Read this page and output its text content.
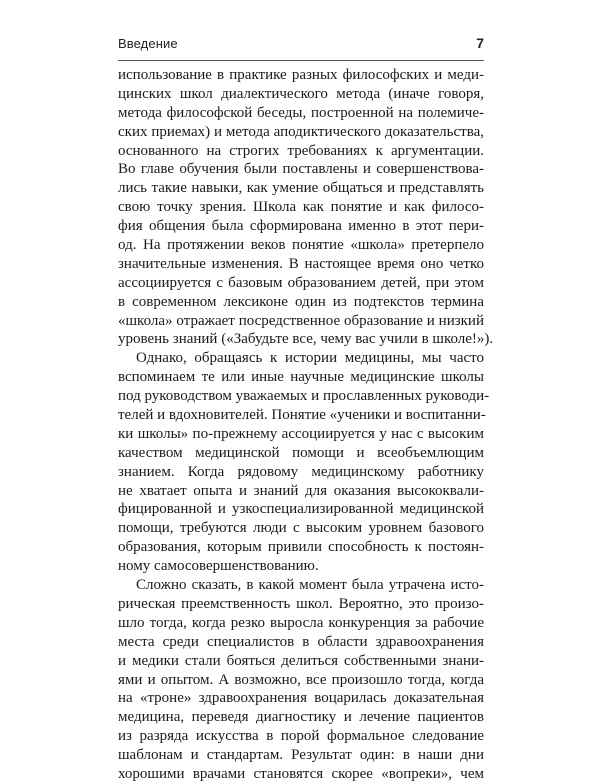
Введение	7
использование в практике разных философских и меди-
цинских школ диалектического метода (иначе говоря,
метода философской беседы, построенной на полемиче-
ских приемах) и метода аподиктического доказательства,
основанного на строгих требованиях к аргументации.
Во главе обучения были поставлены и совершенствова-
лись такие навыки, как умение общаться и представлять
свою точку зрения. Школа как понятие и как филосо-
фия общения была сформирована именно в этот пери-
од. На протяжении веков понятие «школа» претерпело
значительные изменения. В настоящее время оно четко
ассоциируется с базовым образованием детей, при этом
в современном лексиконе один из подтекстов термина
«школа» отражает посредственное образование и низкий
уровень знаний («Забудьте все, чему вас учили в школе!»).
Однако, обращаясь к истории медицины, мы часто
вспоминаем те или иные научные медицинские школы
под руководством уважаемых и прославленных руководи-
телей и вдохновителей. Понятие «ученики и воспитанни-
ки школы» по-прежнему ассоциируется у нас с высоким
качеством медицинской помощи и всеобъемлющим
знанием. Когда рядовому медицинскому работнику
не хватает опыта и знаний для оказания высококвали-
фицированной и узкоспециализированной медицинской
помощи, требуются люди с высоким уровнем базового
образования, которым привили способность к постоян-
ному самосовершенствованию.
Сложно сказать, в какой момент была утрачена исто-
рическая преемственность школ. Вероятно, это произо-
шло тогда, когда резко выросла конкуренция за рабочие
места среди специалистов в области здравоохранения
и медики стали бояться делиться собственными знани-
ями и опытом. А возможно, все произошло тогда, когда
на «троне» здравоохранения воцарилась доказательная
медицина, переведя диагностику и лечение пациентов
из разряда искусства в порой формальное следование
шаблонам и стандартам. Результат один: в наши дни
хорошими врачами становятся скорее «вопреки», чем
